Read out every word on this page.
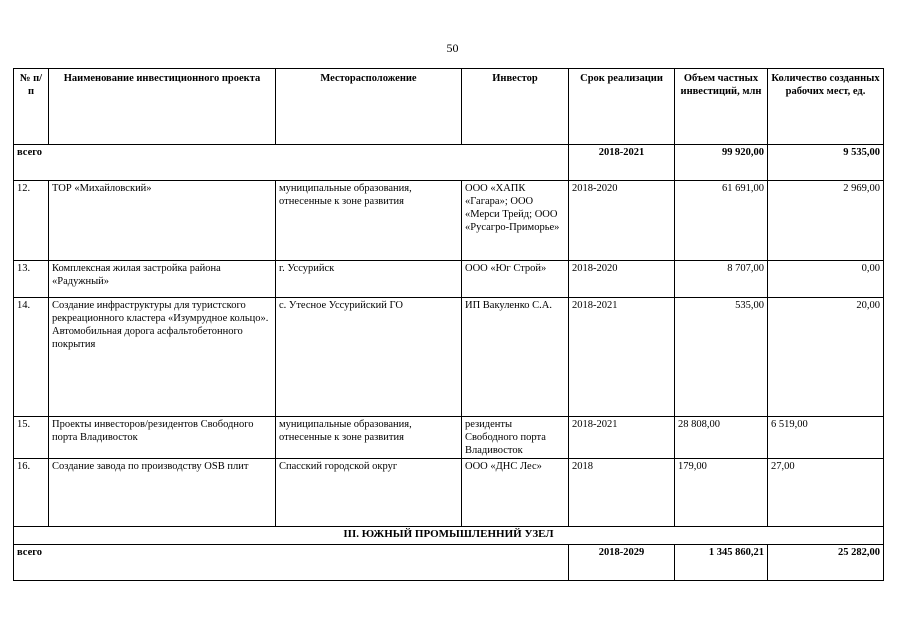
50
№ п/п	Наименование инвестиционного проекта	Месторасположение	Инвестор	Срок реализации	Объем частных инвестиций, млн	Количество созданных рабочих мест, ед.
всего				2018-2021	99 920,00	9 535,00
12.	ТОР «Михайловский»	муниципальные образования, отнесенные к зоне развития	ООО «ХАПК «Гагара»; ООО «Мерси Трейд; ООО «Русагро-Приморье»	2018-2020	61 691,00	2 969,00
13.	Комплексная жилая застройка района «Радужный»	г. Уссурийск	ООО «Юг Строй»	2018-2020	8 707,00	0,00
14.	Создание инфраструктуры для туристского рекреационного кластера «Изумрудное кольцо». Автомобильная дорога асфальтобетонного покрытия	с. Утесное Уссурийский ГО	ИП Вакуленко С.А.	2018-2021	535,00	20,00
15.	Проекты инвесторов/резидентов Свободного порта Владивосток	муниципальные образования, отнесенные к зоне развития	резиденты Свободного порта Владивосток	2018-2021	28 808,00	6 519,00
16.	Создание завода по производству OSB плит	Спасский городской округ	ООО «ДНС Лес»	2018	179,00	27,00
III. ЮЖНЫЙ ПРОМЫШЛЕННИЙ УЗЕЛ						
всего				2018-2029	1 345 860,21	25 282,00
